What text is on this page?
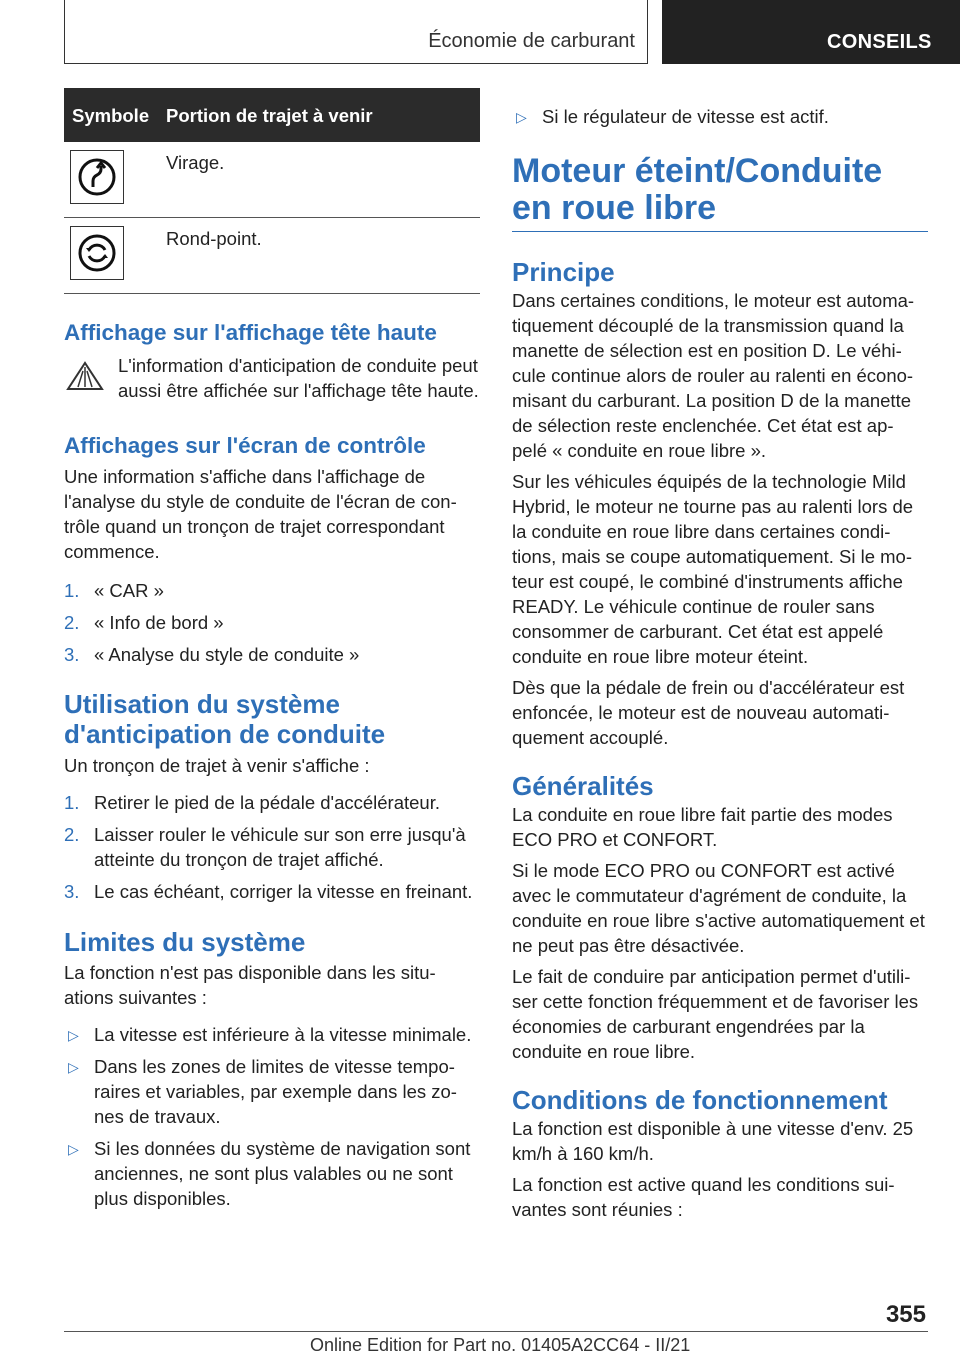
Économie de carburant	CONSEILS
Symbole	Portion de trajet à venir

	Virage.

	Rond-point.
Affichage sur l'affichage tête haute

L'information d'anticipation de conduite peut aussi être affichée sur l'affichage tête haute.

Affichages sur l'écran de contrôle

Une information s'affiche dans l'affichage de l'analyse du style de conduite de l'écran de con-trôle quand un tronçon de trajet correspondant commence.

1. « CAR »
2. « Info de bord »
3. « Analyse du style de conduite »
Utilisation du système d'anticipation de conduite

Un tronçon de trajet à venir s'affiche :

1. Retirer le pied de la pédale d'accélérateur.
2. Laisser rouler le véhicule sur son erre jusqu'à atteinte du tronçon de trajet affiché.
3. Le cas échéant, corriger la vitesse en freinant.
Limites du système

La fonction n'est pas disponible dans les situ-ations suivantes :

▷ La vitesse est inférieure à la vitesse minimale.
▷ Dans les zones de limites de vitesse tempo-raires et variables, par exemple dans les zo-nes de travaux.
▷ Si les données du système de navigation sont anciennes, ne sont plus valables ou ne sont plus disponibles.
▷ Si le régulateur de vitesse est actif.
Moteur éteint/Conduite en roue libre
Principe

Dans certaines conditions, le moteur est automa-tiquement découplé de la transmission quand la manette de sélection est en position D. Le véhi-cule continue alors de rouler au ralenti en écono-misant du carburant. La position D de la manette de sélection reste enclenchée. Cet état est ap-pelé « conduite en roue libre ».

Sur les véhicules équipés de la technologie Mild Hybrid, le moteur ne tourne pas au ralenti lors de la conduite en roue libre dans certaines condi-tions, mais se coupe automatiquement. Si le mo-teur est coupé, le combiné d'instruments affiche READY. Le véhicule continue de rouler sans consommer de carburant. Cet état est appelé conduite en roue libre moteur éteint.

Dès que la pédale de frein ou d'accélérateur est enfoncée, le moteur est de nouveau automati-quement accouplé.

Généralités

La conduite en roue libre fait partie des modes ECO PRO et CONFORT.

Si le mode ECO PRO ou CONFORT est activé avec le commutateur d'agrément de conduite, la conduite en roue libre s'active automatiquement et ne peut pas être désactivée.

Le fait de conduire par anticipation permet d'utili-ser cette fonction fréquemment et de favoriser les économies de carburant engendrées par la conduite en roue libre.

Conditions de fonctionnement

La fonction est disponible à une vitesse d'env. 25 km/h à 160 km/h.

La fonction est active quand les conditions sui-vantes sont réunies :

355
Online Edition for Part no. 01405A2CC64 - II/21
